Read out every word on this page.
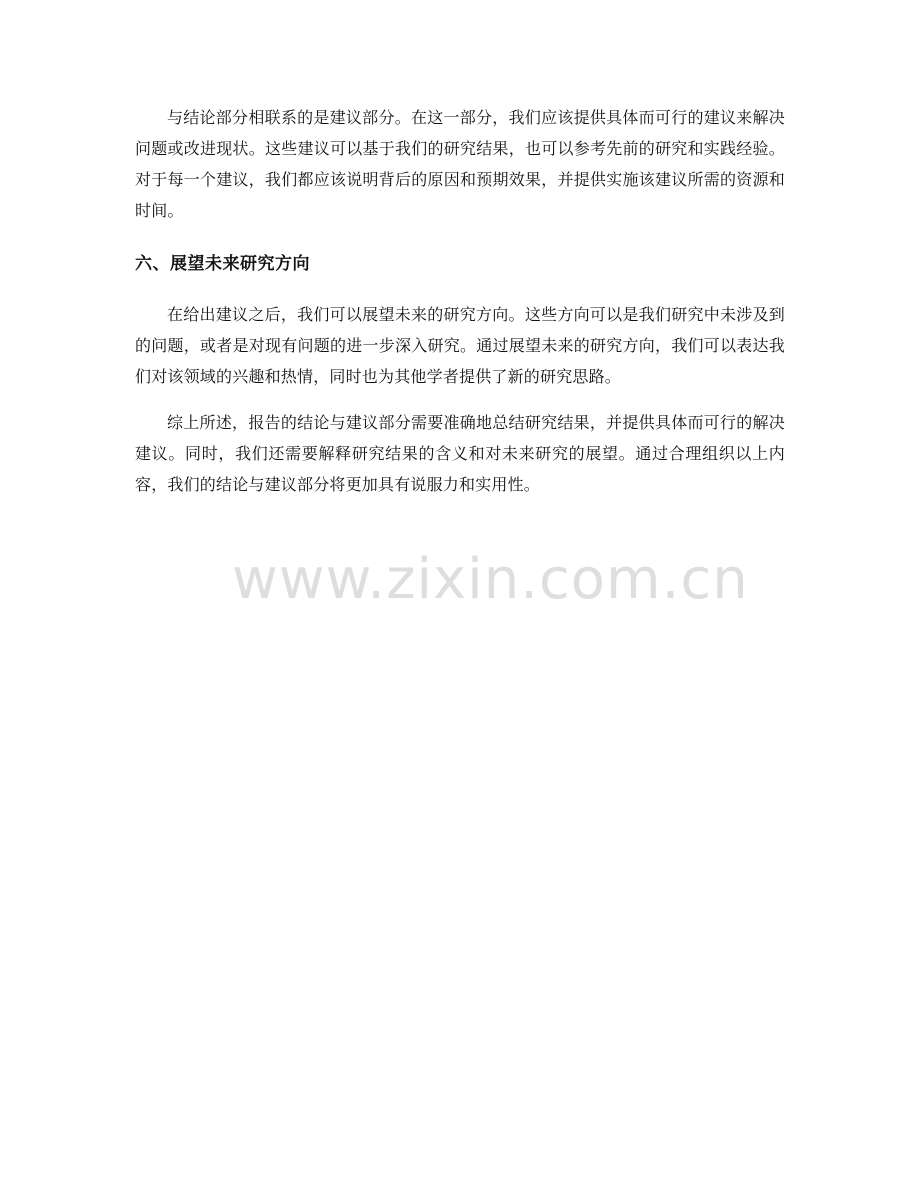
与结论部分相联系的是建议部分。在这一部分，我们应该提供具体而可行的建议来解决问题或改进现状。这些建议可以基于我们的研究结果，也可以参考先前的研究和实践经验。对于每一个建议，我们都应该说明背后的原因和预期效果，并提供实施该建议所需的资源和时间。

六、展望未来研究方向

在给出建议之后，我们可以展望未来的研究方向。这些方向可以是我们研究中未涉及到的问题，或者是对现有问题的进一步深入研究。通过展望未来的研究方向，我们可以表达我们对该领域的兴趣和热情，同时也为其他学者提供了新的研究思路。

综上所述，报告的结论与建议部分需要准确地总结研究结果，并提供具体而可行的解决建议。同时，我们还需要解释研究结果的含义和对未来研究的展望。通过合理组织以上内容，我们的结论与建议部分将更加具有说服力和实用性。

www.zixin.com.cn
